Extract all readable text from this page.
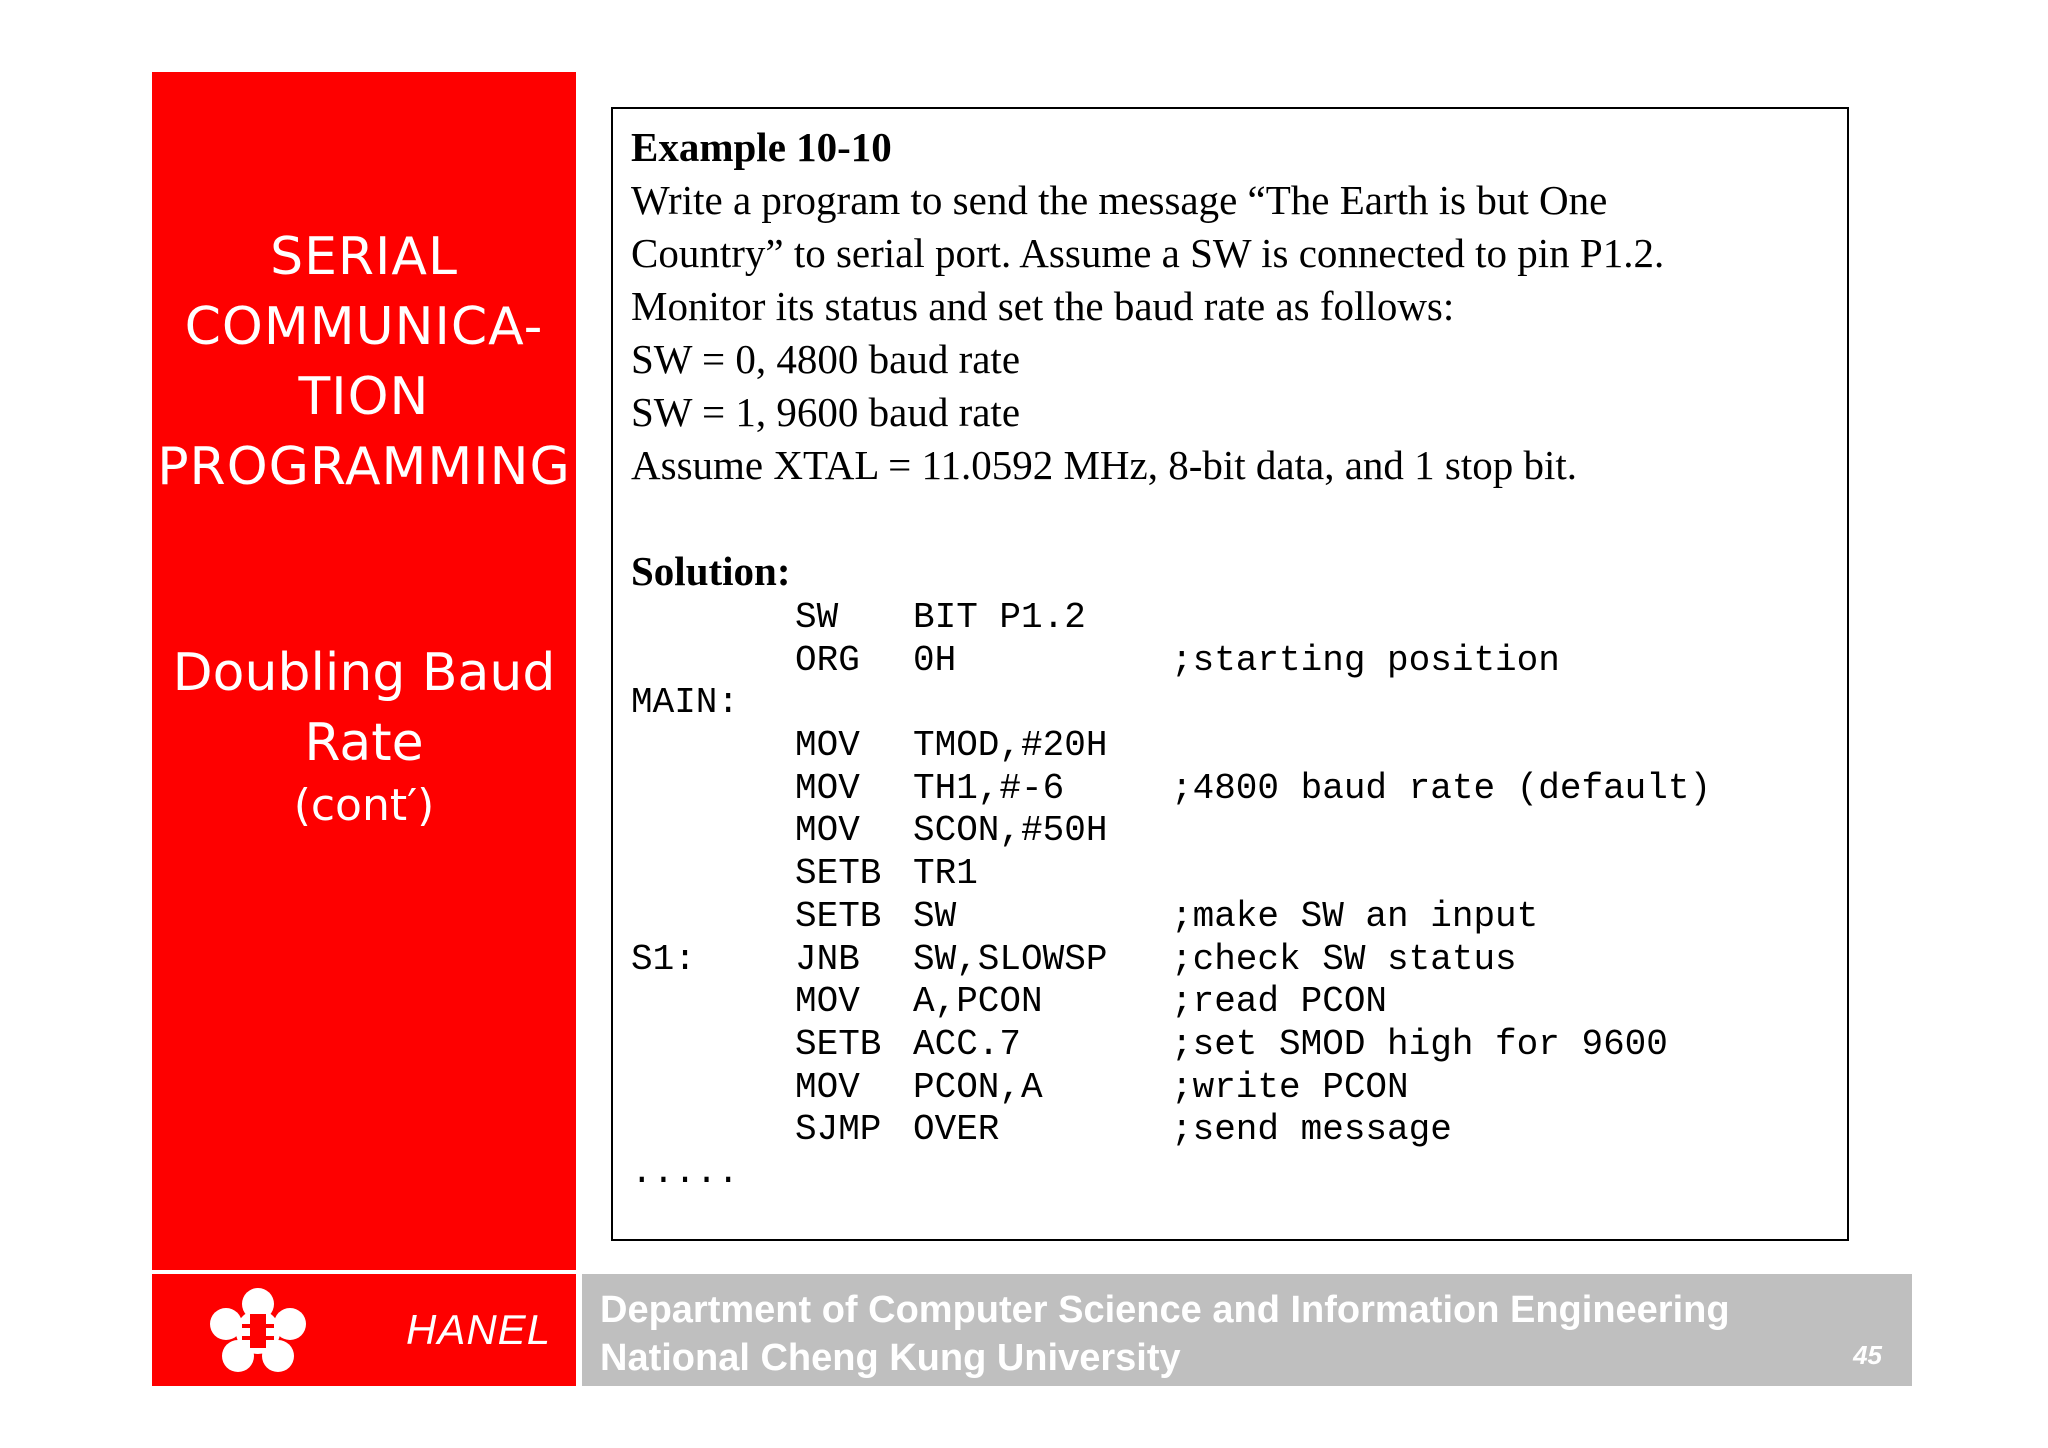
SERIAL
COMMUNICA-
TION
PROGRAMMING
Doubling Baud
Rate
(cont′)
HANEL Department of Computer Science and Information Engineering
National Cheng Kung University	45
Example 10-10
Write a program to send the message “The Earth is but One
Country” to serial port. Assume a SW is connected to pin P1.2.
Monitor its status and set the baud rate as follows:
SW = 0, 4800 baud rate
SW = 1, 9600 baud rate
Assume XTAL = 11.0592 MHz, 8-bit data, and 1 stop bit.
Solution:
SW BIT P1.2
ORG 0H	;starting position
MAIN:
MOV TMOD,#20H
MOV TH1,#-6	;4800 baud rate (default)
MOV SCON,#50H
SETB TR1
SETB SW	;make SW an input
S1:	JNB SW,SLOWSP ;check SW status
MOV A,PCON	;read PCON
SETB ACC.7	;set SMOD high for 9600
MOV PCON,A	;write PCON
SJMP OVER	;send message
.....
